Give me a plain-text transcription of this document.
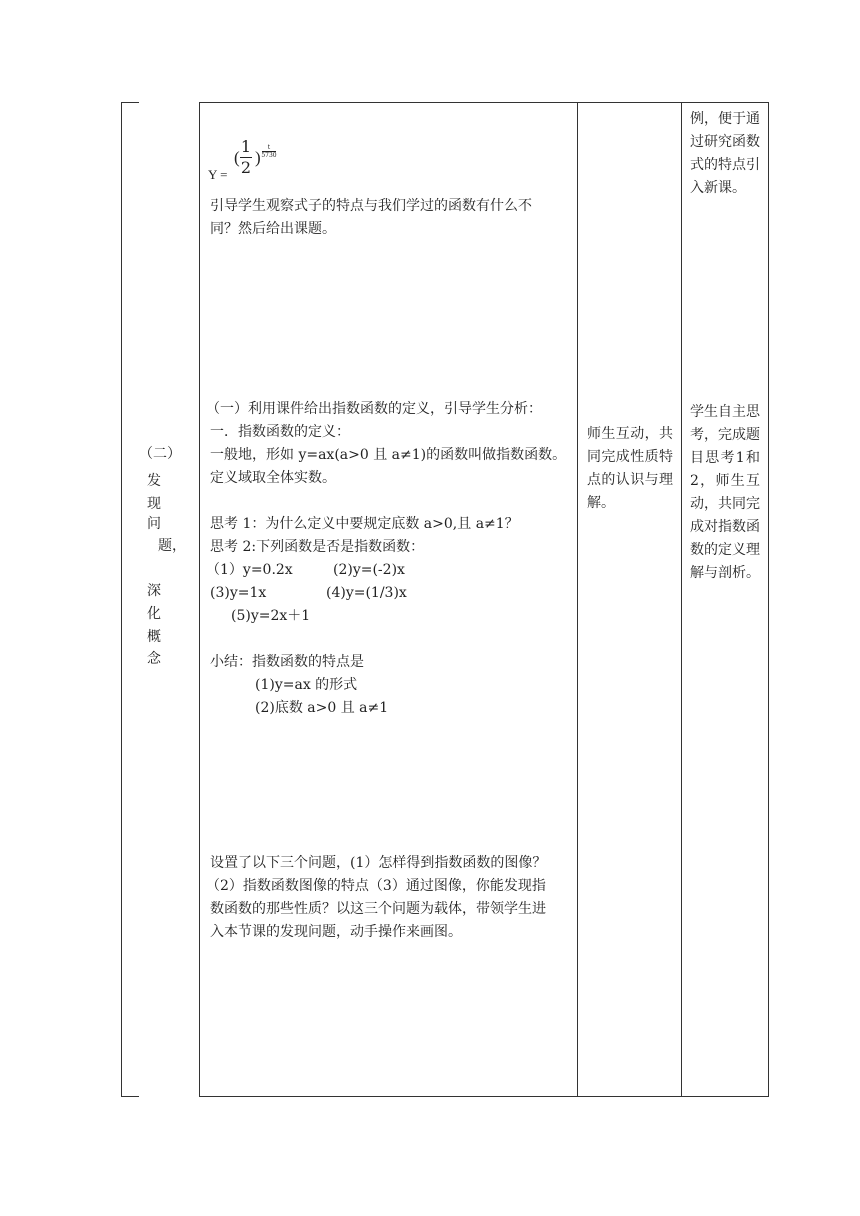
（二）
发
现
问
题，
深
化
概
念
Y =
(
1
2
)
t
5730
引导学生观察式子的特点与我们学过的函数有什么不
同？然后给出课题。
（一）利用课件给出指数函数的定义，引导学生分析：
一．指数函数的定义：
一般地，形如 y=ax(a>0 且 a≠1)的函数叫做指数函数。
定义域取全体实数。
思考 1：为什么定义中要规定底数 a>0,且 a≠1？
思考 2:下列函数是否是指数函数：
（1）y=0.2x	(2)y=(-2)x
(3)y=1x	(4)y=(1/3)x
(5)y=2x＋1
小结：指数函数的特点是
(1)y=ax 的形式
(2)底数 a>0 且 a≠1
设置了以下三个问题，(1）怎样得到指数函数的图像？
（2）指数函数图像的特点（3）通过图像，你能发现指
数函数的那些性质？以这三个问题为载体，带领学生进
入本节课的发现问题，动手操作来画图。
师生互动，共同完成性质特点的认识与理解。
例，便于通过研究函数式的特点引入新课。
学生自主思考，完成题目思考1和2，师生互动，共同完成对指数函数的定义理解与剖析。
